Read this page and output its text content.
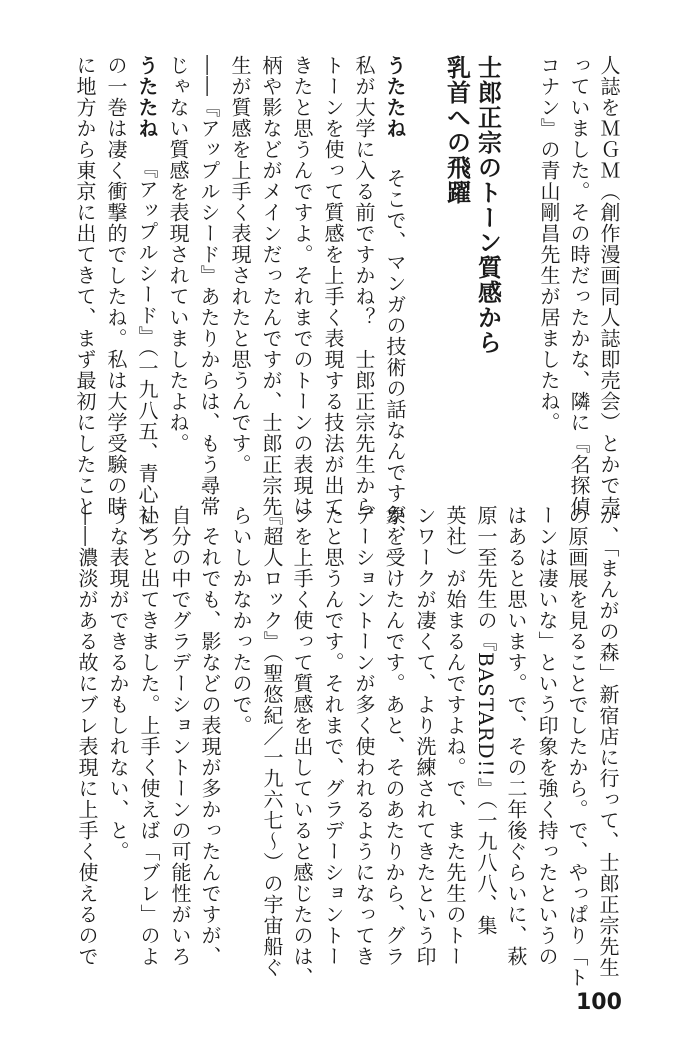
士郎正宗のトーン質感から
乳首への飛躍	人誌をＭＧＭ（創作漫画同人誌即売会）とかで売
っていました。その時だったかな、隣に『名探偵
コナン』の青山剛昌先生が居ましたね。
うたたね　そこで、マンガの技術の話なんですが、
私が大学に入る前ですかね？　士郎正宗先生から
トーンを使って質感を上手く表現する技法が出て
きたと思うんですよ。それまでのトーンの表現は
柄や影などがメインだったんですが、士郎正宗先
生が質感を上手く表現されたと思うんです。
――『アップルシード』あたりからは、もう尋常
じゃない質感を表現されていましたよね。
うたたね　『アップルシード』（一九八五、青心社）
の一巻は凄く衝撃的でしたね。私は大学受験の時
に地方から東京に出てきて、まず最初にしたこと
が、「まんがの森」新宿店に行って、士郎正宗先生
の原画展を見ることでしたから。で、やっぱり「ト
ーンは凄いな」という印象を強く持ったというの
はあると思います。で、その二年後ぐらいに、萩
原一至先生の『BASTARD!!』（一九八八、集
英社）が始まるんですよね。で、また先生のトー
ンワークが凄くて、より洗練されてきたという印
象を受けたんです。あと、そのあたりから、グラ
デーショントーンが多く使われるようになってき
たと思うんです。それまで、グラデーショントー
ンを上手く使って質感を出していると感じたのは、
『超人ロック』（聖悠紀／一九六七～）の宇宙船ぐ
らいしかなかったので。
それでも、影などの表現が多かったんですが、
自分の中でグラデーショントーンの可能性がいろ
いろと出てきました。上手く使えば「ブレ」のよ
うな表現ができるかもしれない、と。
――濃淡がある故にブレ表現に上手く使えるので
100
